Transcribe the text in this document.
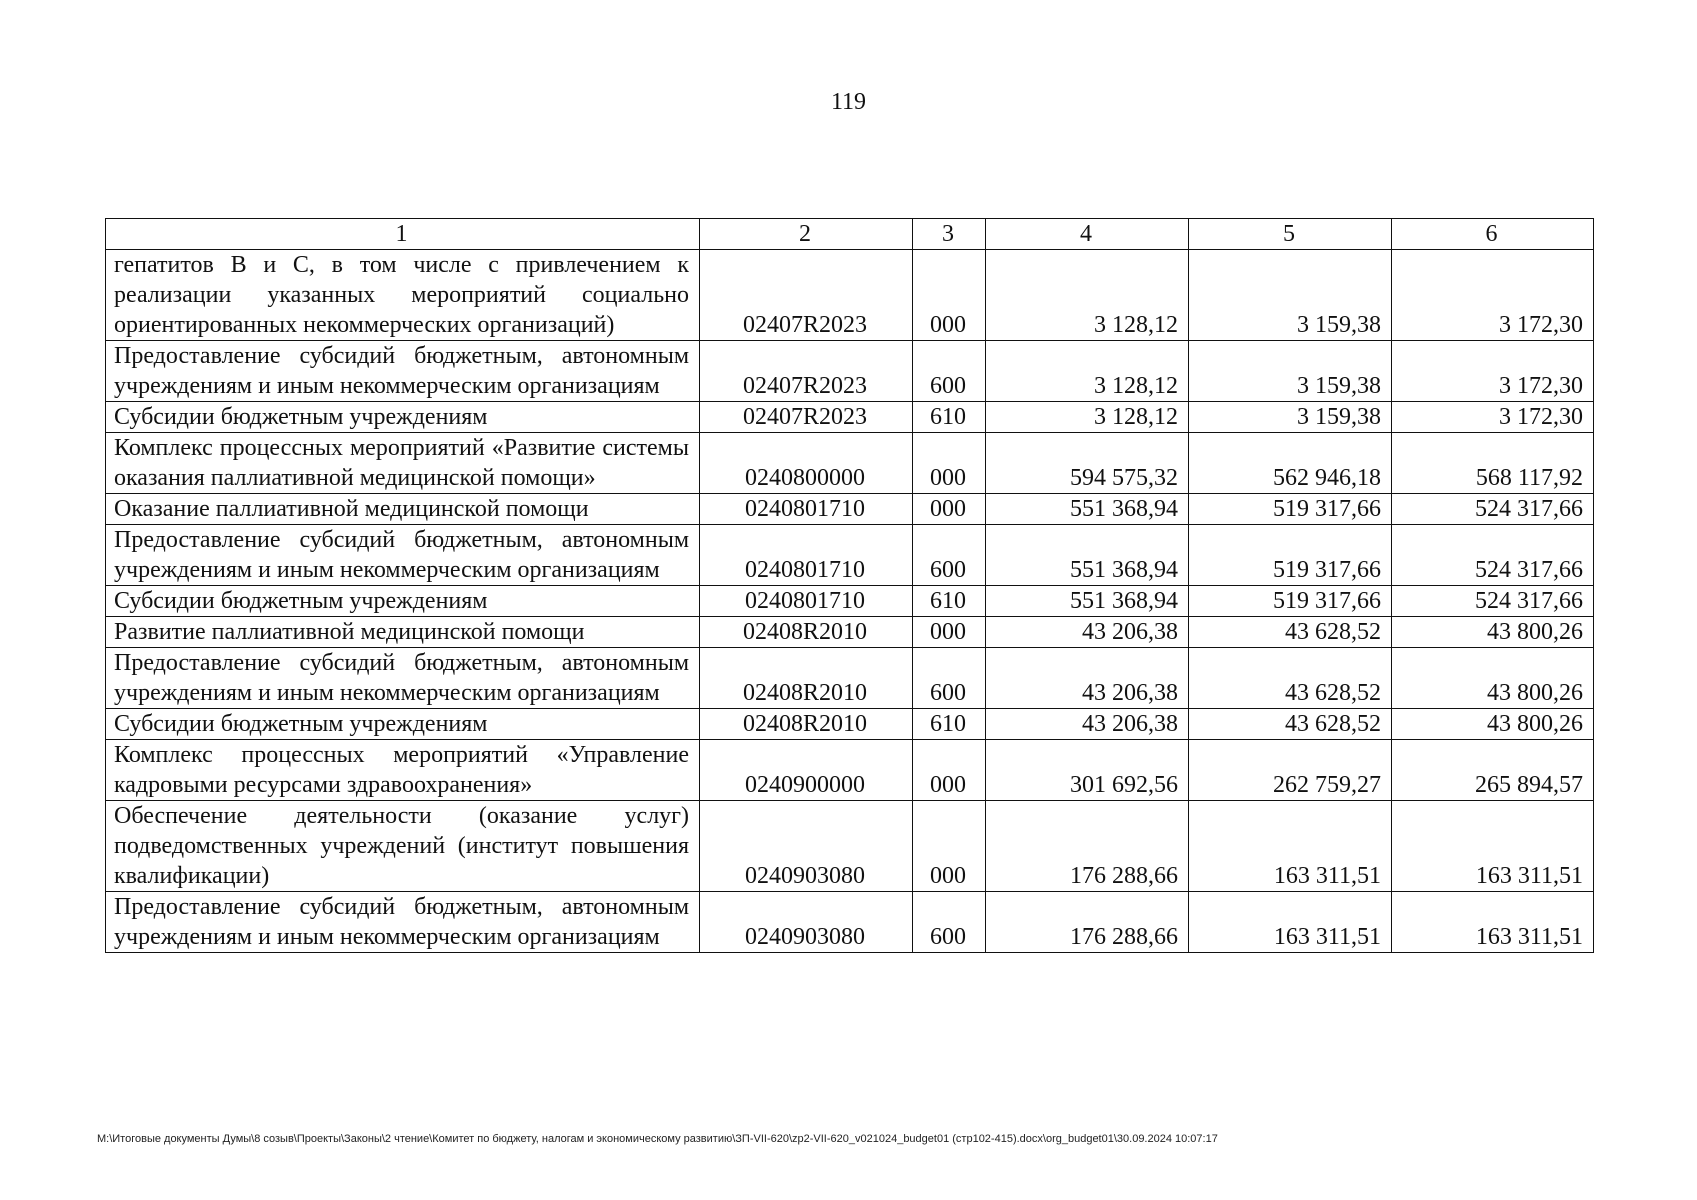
119
1	2	3	4	5	6
гепатитов В и С, в том числе с привлечением к реализации указанных мероприятий социально ориентированных некоммерческих организаций)	02407R2023	000	3 128,12	3 159,38	3 172,30
Предоставление субсидий бюджетным, автономным учреждениям и иным некоммерческим организациям	02407R2023	600	3 128,12	3 159,38	3 172,30
Субсидии бюджетным учреждениям	02407R2023	610	3 128,12	3 159,38	3 172,30
Комплекс процессных мероприятий «Развитие системы оказания паллиативной медицинской помощи»	0240800000	000	594 575,32	562 946,18	568 117,92
Оказание паллиативной медицинской помощи	0240801710	000	551 368,94	519 317,66	524 317,66
Предоставление субсидий бюджетным, автономным учреждениям и иным некоммерческим организациям	0240801710	600	551 368,94	519 317,66	524 317,66
Субсидии бюджетным учреждениям	0240801710	610	551 368,94	519 317,66	524 317,66
Развитие паллиативной медицинской помощи	02408R2010	000	43 206,38	43 628,52	43 800,26
Предоставление субсидий бюджетным, автономным учреждениям и иным некоммерческим организациям	02408R2010	600	43 206,38	43 628,52	43 800,26
Субсидии бюджетным учреждениям	02408R2010	610	43 206,38	43 628,52	43 800,26
Комплекс процессных мероприятий «Управление кадровыми ресурсами здравоохранения»	0240900000	000	301 692,56	262 759,27	265 894,57
Обеспечение деятельности (оказание услуг) подведомственных учреждений (институт повышения квалификации)	0240903080	000	176 288,66	163 311,51	163 311,51
Предоставление субсидий бюджетным, автономным учреждениям и иным некоммерческим организациям	0240903080	600	176 288,66	163 311,51	163 311,51
M:\Итоговые документы Думы\8 созыв\Проекты\Законы\2 чтение\Комитет по бюджету, налогам и экономическому развитию\ЗП-VII-620\zp2-VII-620_v021024_budget01 (стр102-415).docx\org_budget01\30.09.2024 10:07:17
